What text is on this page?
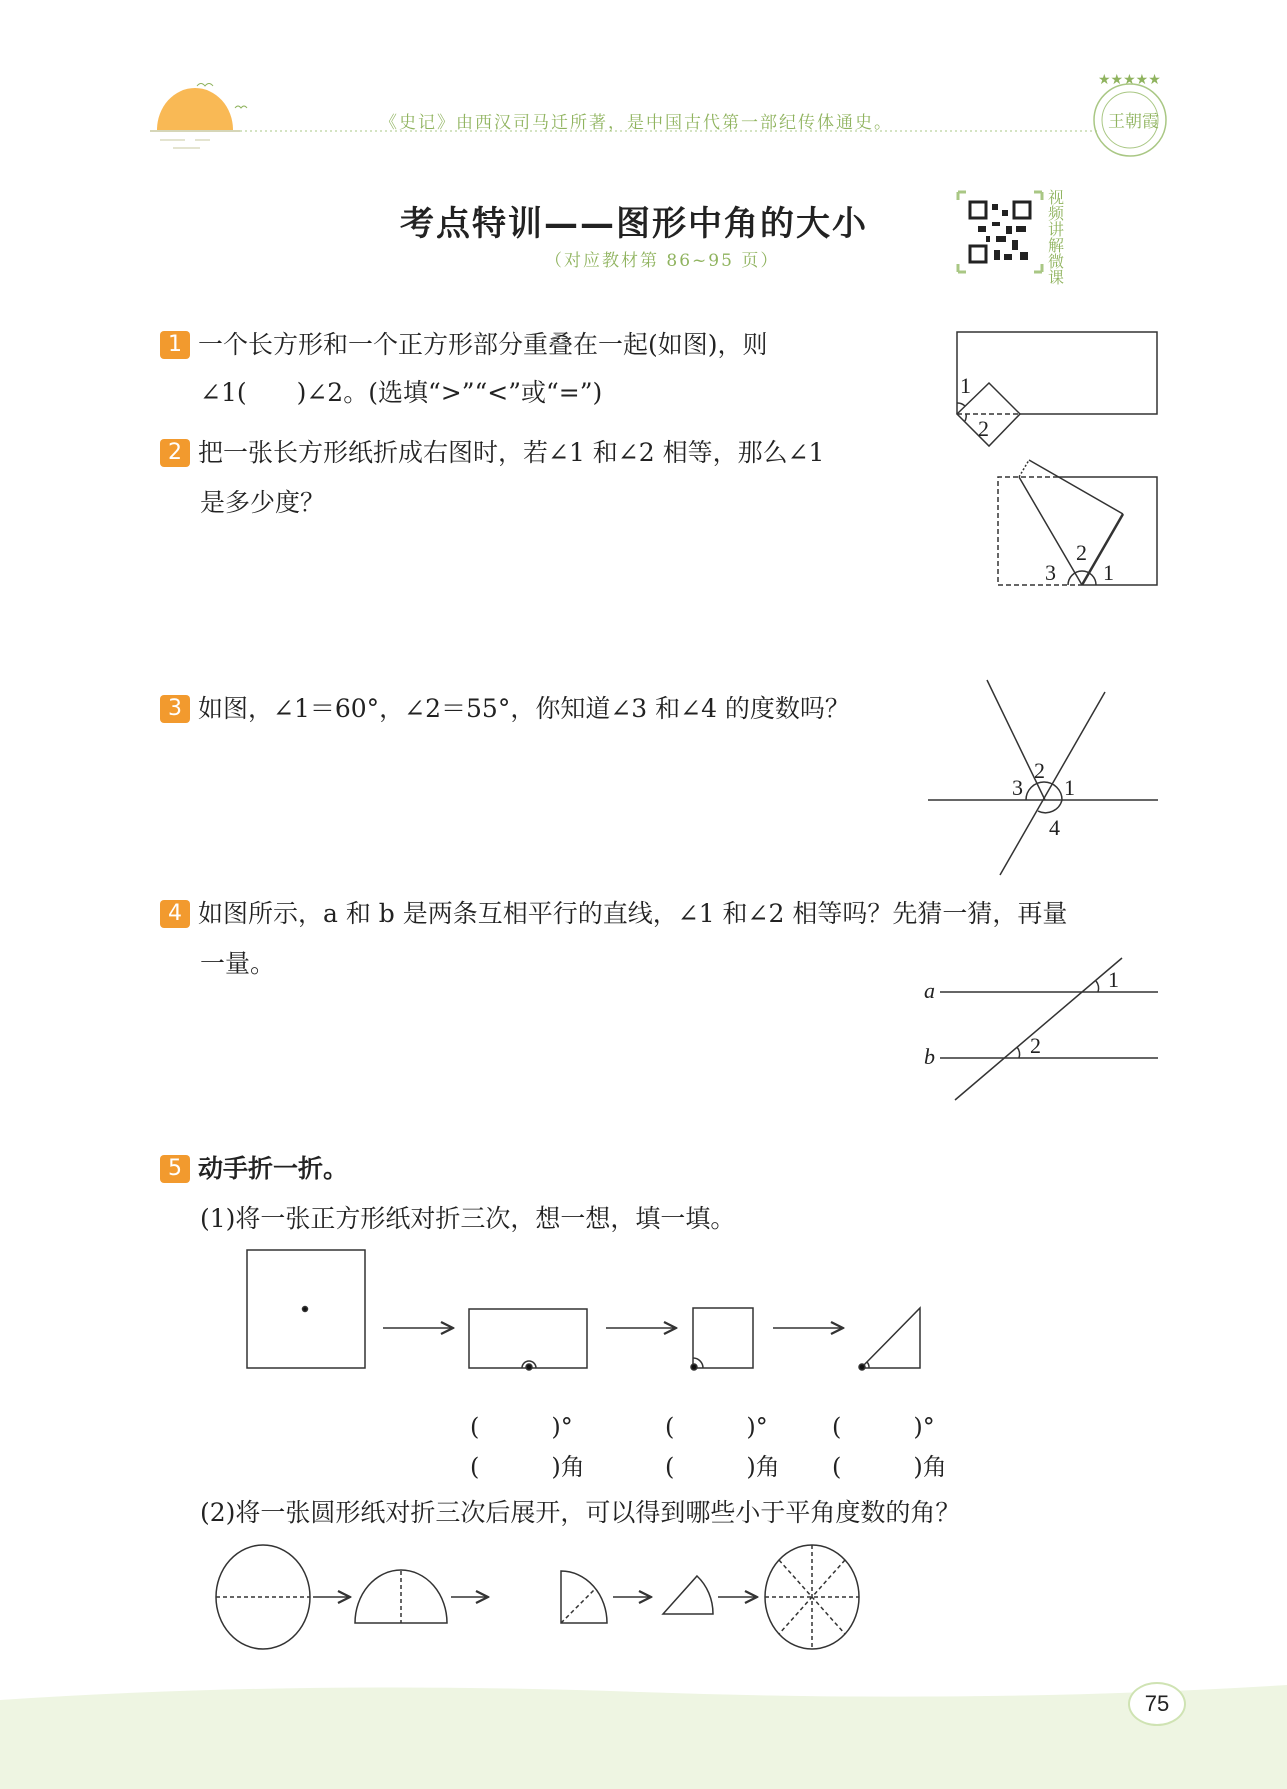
王朝霞
★★★★★
《史记》由西汉司马迁所著，是中国古代第一部纪传体通史。
考点特训——图形中角的大小
（对应教材第 86~95 页）
视频讲解微课
1 一个长方形和一个正方形部分重叠在一起(如图)，则
∠1(　　)∠2。(选填“>”“<”或“=”)
2 把一张长方形纸折成右图时，若∠1 和∠2 相等，那么∠1
是多少度？
3 如图，∠1＝60°，∠2＝55°，你知道∠3 和∠4 的度数吗？
4 如图所示，a 和 b 是两条互相平行的直线，∠1 和∠2 相等吗？先猜一猜，再量
一量。
5 动手折一折。
(1)将一张正方形纸对折三次，想一想，填一填。
(　　　)°	(　　　)°	(　　　)°
(　　　)角	(　　　)角 (　　　)角
(2)将一张圆形纸对折三次后展开，可以得到哪些小于平角度数的角？
1
2
3
2
1
2
3 1
4
a
b
1
2
75
